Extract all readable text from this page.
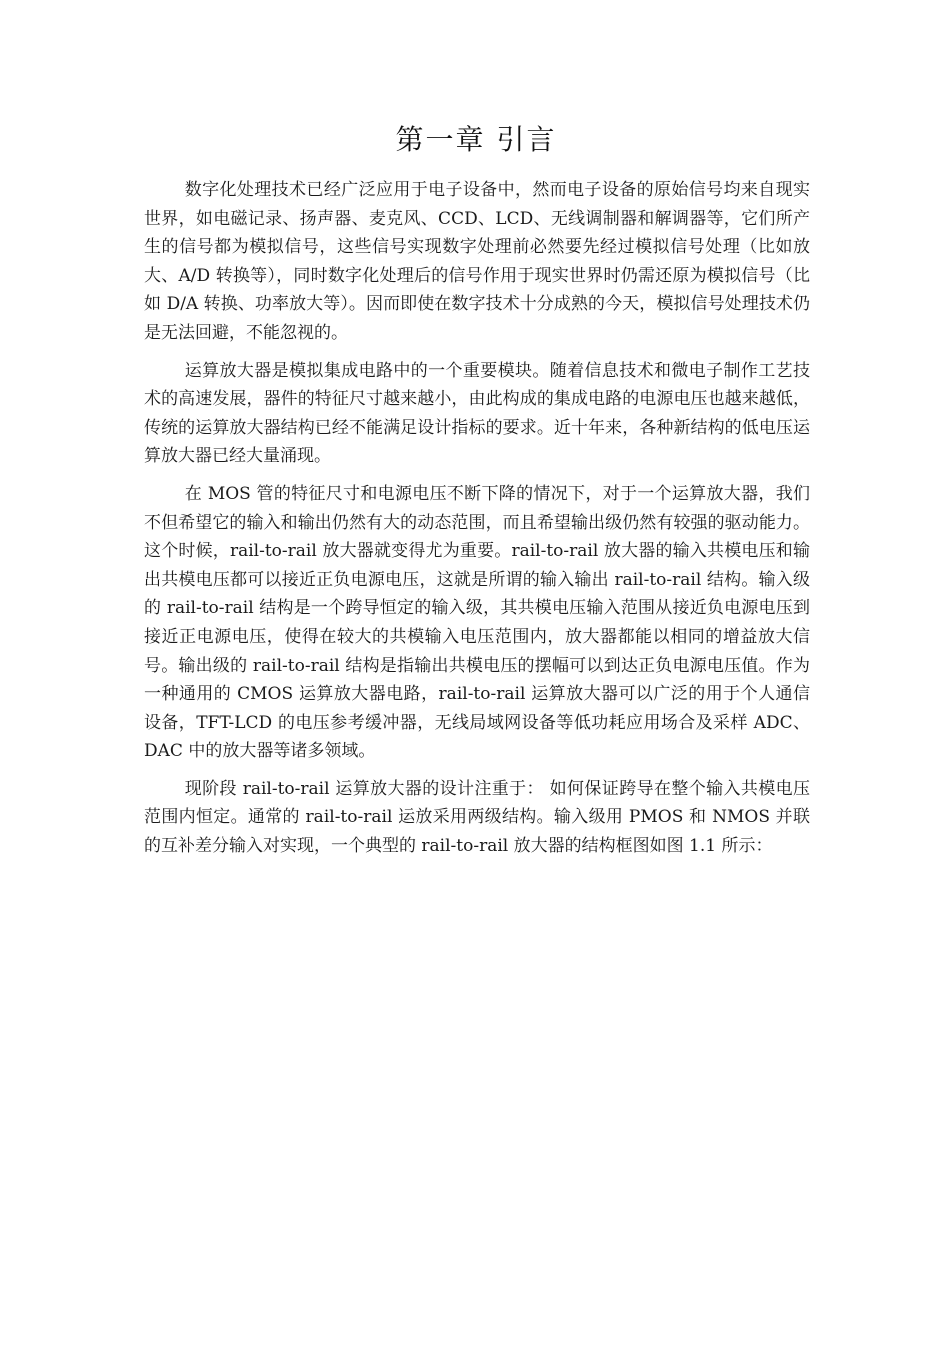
第一章 引言

数字化处理技术已经广泛应用于电子设备中，然而电子设备的原始信号均来自现实世界，如电磁记录、扬声器、麦克风、CCD、LCD、无线调制器和解调器等，它们所产生的信号都为模拟信号，这些信号实现数字处理前必然要先经过模拟信号处理（比如放大、A/D 转换等），同时数字化处理后的信号作用于现实世界时仍需还原为模拟信号（比如 D/A 转换、功率放大等）。因而即使在数字技术十分成熟的今天，模拟信号处理技术仍是无法回避，不能忽视的。

运算放大器是模拟集成电路中的一个重要模块。随着信息技术和微电子制作工艺技术的高速发展，器件的特征尺寸越来越小，由此构成的集成电路的电源电压也越来越低，传统的运算放大器结构已经不能满足设计指标的要求。近十年来，各种新结构的低电压运算放大器已经大量涌现。

在 MOS 管的特征尺寸和电源电压不断下降的情况下，对于一个运算放大器，我们不但希望它的输入和输出仍然有大的动态范围，而且希望输出级仍然有较强的驱动能力。这个时候，rail-to-rail 放大器就变得尤为重要。rail-to-rail 放大器的输入共模电压和输出共模电压都可以接近正负电源电压，这就是所谓的输入输出 rail-to-rail 结构。输入级的 rail-to-rail 结构是一个跨导恒定的输入级，其共模电压输入范围从接近负电源电压到接近正电源电压，使得在较大的共模输入电压范围内，放大器都能以相同的增益放大信号。输出级的 rail-to-rail 结构是指输出共模电压的摆幅可以到达正负电源电压值。作为一种通用的 CMOS 运算放大器电路，rail-to-rail 运算放大器可以广泛的用于个人通信设备，TFT-LCD 的电压参考缓冲器，无线局域网设备等低功耗应用场合及采样 ADC、DAC 中的放大器等诸多领域。

现阶段 rail-to-rail 运算放大器的设计注重于： 如何保证跨导在整个输入共模电压范围内恒定。通常的 rail-to-rail 运放采用两级结构。输入级用 PMOS 和 NMOS 并联的互补差分输入对实现，一个典型的 rail-to-rail 放大器的结构框图如图 1.1 所示：
